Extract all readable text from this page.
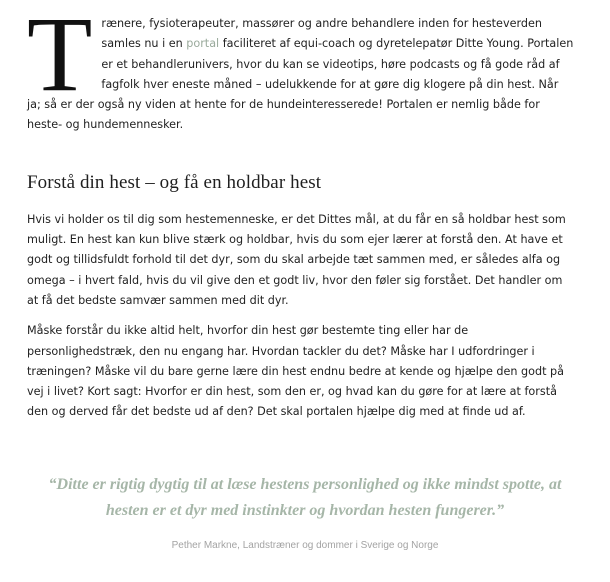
Trænere, fysioterapeuter, massører og andre behandlere inden for hesteverden samles nu i en portal faciliteret af equi-coach og dyretelepatør Ditte Young. Portalen er et behandlerunivers, hvor du kan se videotips, høre podcasts og få gode råd af fagfolk hver eneste måned – udelukkende for at gøre dig klogere på din hest. Når ja; så er der også ny viden at hente for de hundeinteresserede! Portalen er nemlig både for heste- og hundemennesker.

Forstå din hest – og få en holdbar hest

Hvis vi holder os til dig som hestemenneske, er det Dittes mål, at du får en så holdbar hest som muligt. En hest kan kun blive stærk og holdbar, hvis du som ejer lærer at forstå den. At have et godt og tillidsfuldt forhold til det dyr, som du skal arbejde tæt sammen med, er således alfa og omega – i hvert fald, hvis du vil give den et godt liv, hvor den føler sig forstået. Det handler om at få det bedste samvær sammen med dit dyr.

Måske forstår du ikke altid helt, hvorfor din hest gør bestemte ting eller har de personlighedstræk, den nu engang har. Hvordan tackler du det? Måske har I udfordringer i træningen? Måske vil du bare gerne lære din hest endnu bedre at kende og hjælpe den godt på vej i livet? Kort sagt: Hvorfor er din hest, som den er, og hvad kan du gøre for at lære at forstå den og derved får det bedste ud af den? Det skal portalen hjælpe dig med at finde ud af.

“Ditte er rigtig dygtig til at læse hestens personlighed og ikke mindst spotte, at hesten er et dyr med instinkter og hvordan hesten fungerer.”

Pether Markne, Landstræner og dommer i Sverige og Norge
